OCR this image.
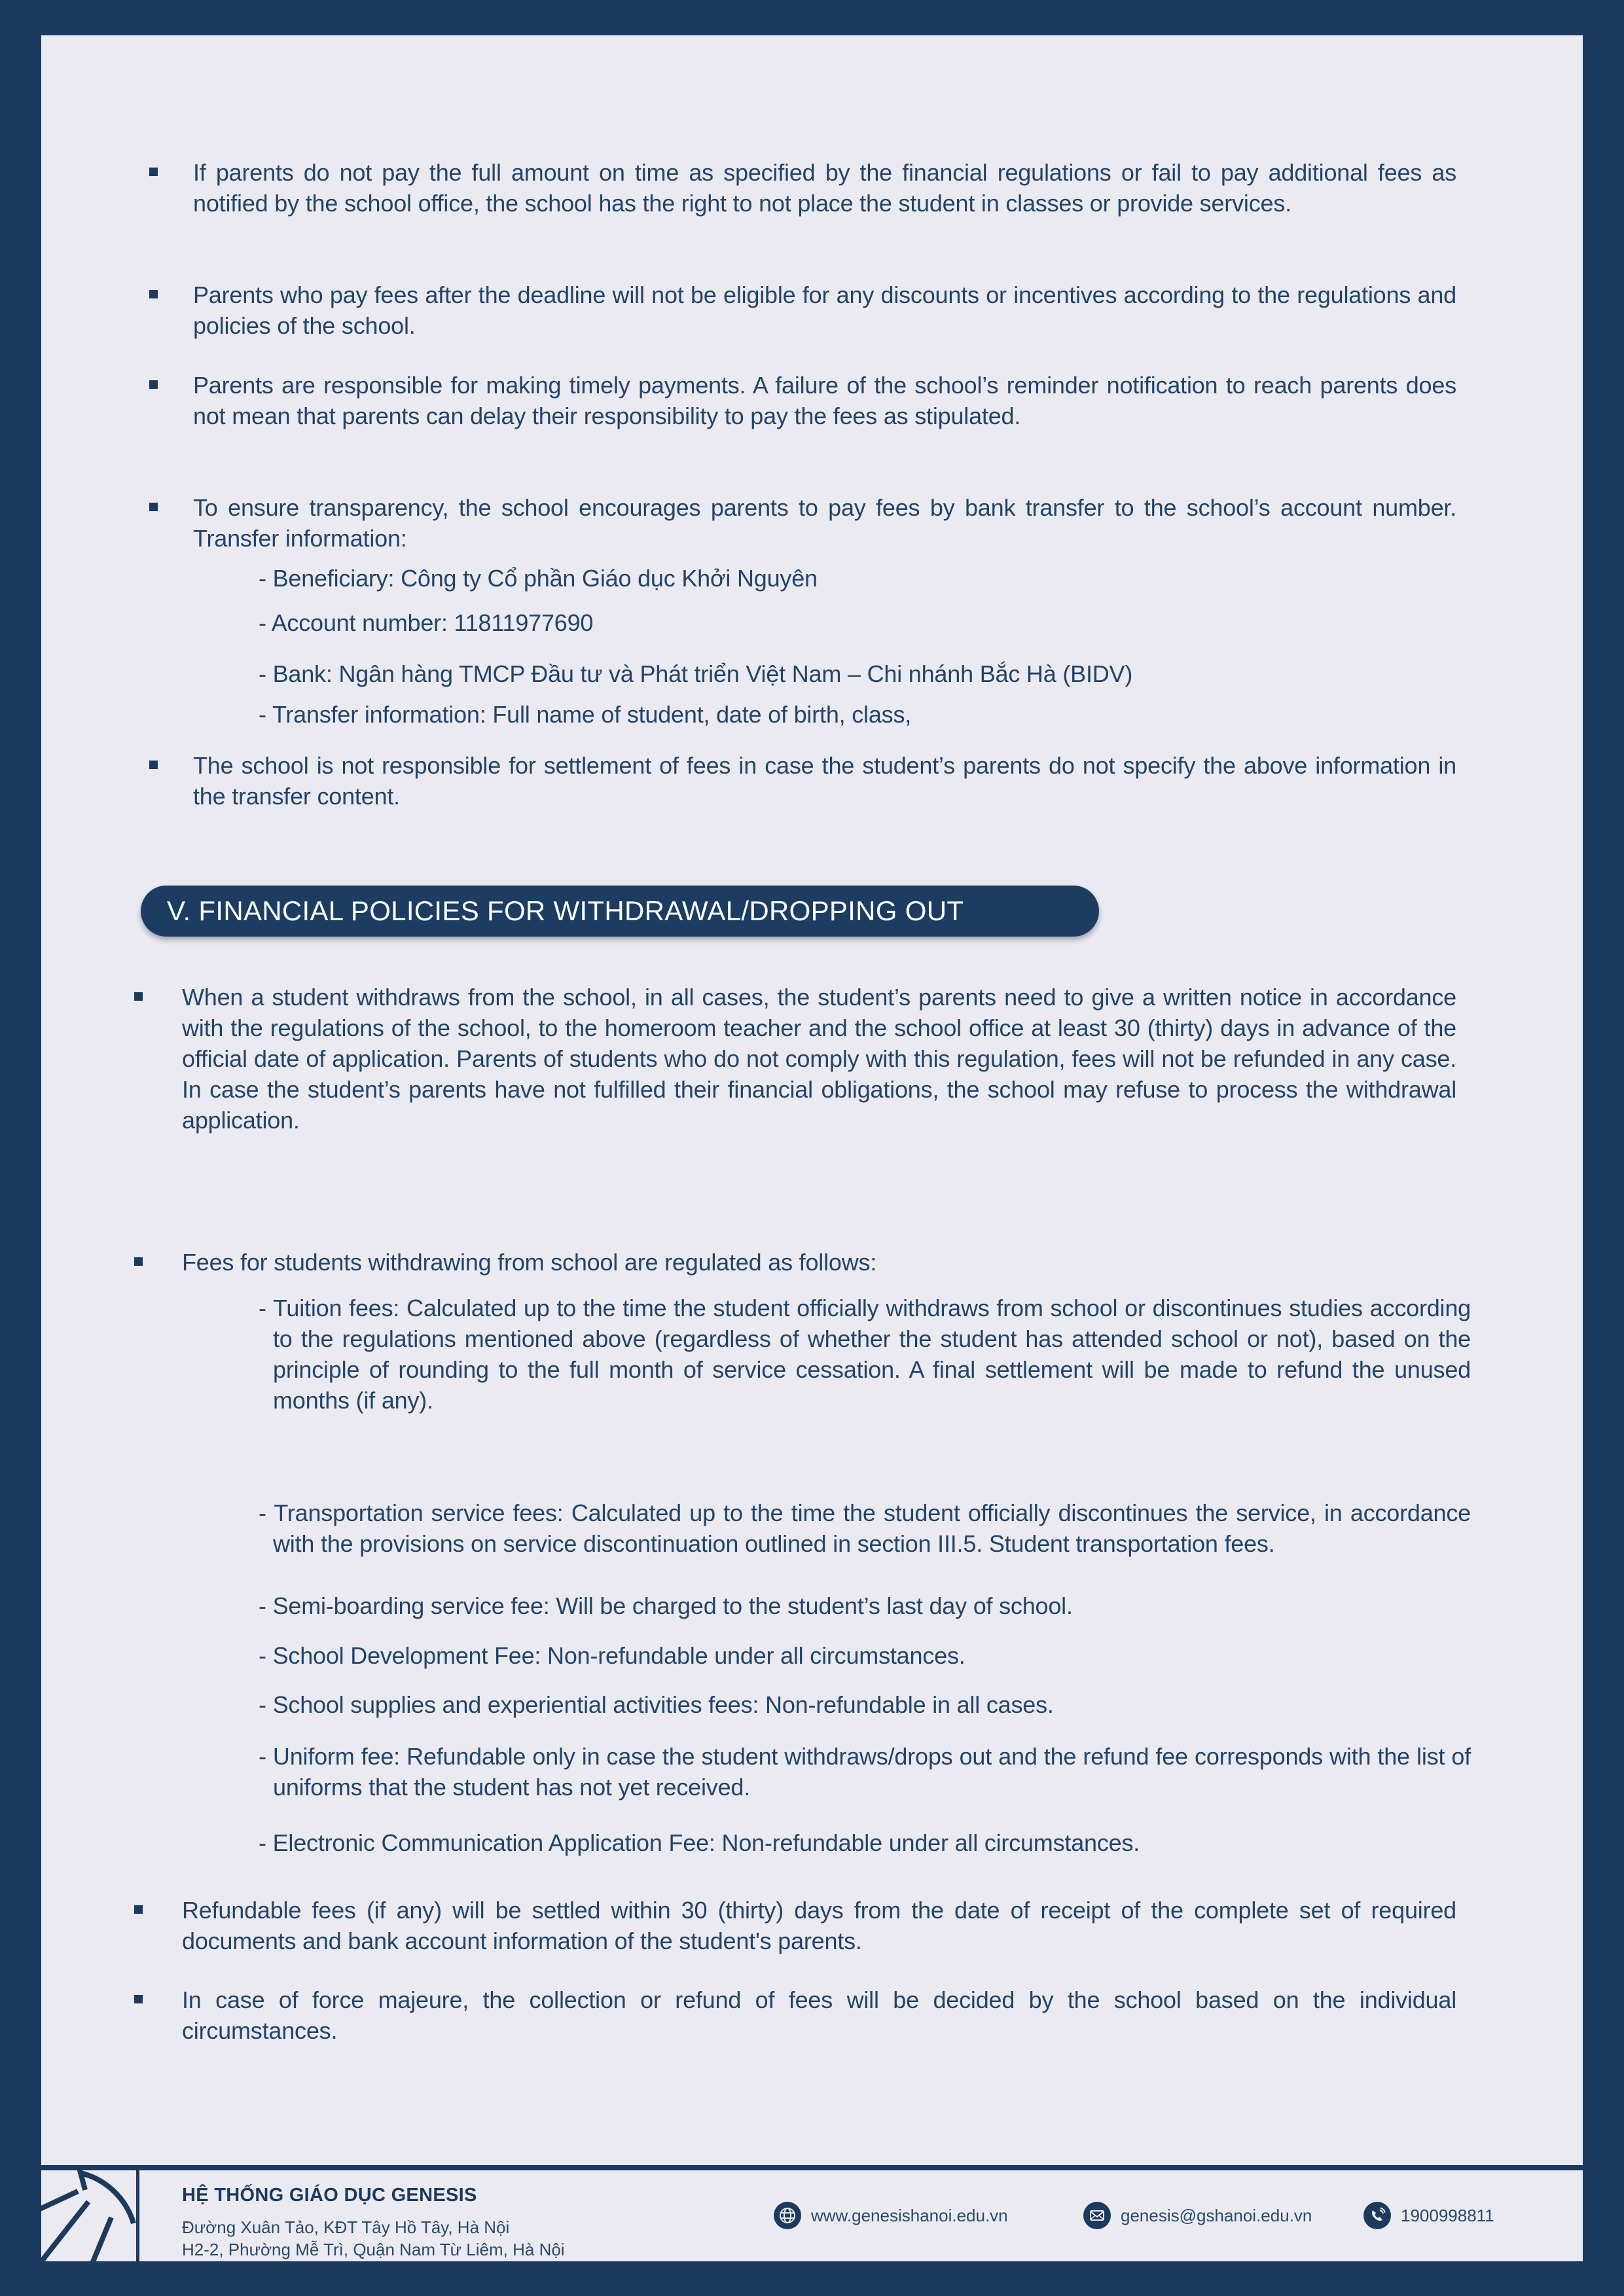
If parents do not pay the full amount on time as specified by the financial regulations or fail to pay additional fees as notified by the school office, the school has the right to not place the student in classes or provide services.
Parents who pay fees after the deadline will not be eligible for any discounts or incentives according to the regulations and policies of the school.
Parents are responsible for making timely payments. A failure of the school’s reminder notification to reach parents does not mean that parents can delay their responsibility to pay the fees as stipulated.
To ensure transparency, the school encourages parents to pay fees by bank transfer to the school’s account number. Transfer information:
- Beneficiary: Công ty Cổ phần Giáo dục Khởi Nguyên
- Account number: 11811977690
- Bank: Ngân hàng TMCP Đầu tư và Phát triển Việt Nam – Chi nhánh Bắc Hà (BIDV)
- Transfer information: Full name of student, date of birth, class,
The school is not responsible for settlement of fees in case the student’s parents do not specify the above information in the transfer content.
V. FINANCIAL POLICIES FOR WITHDRAWAL/DROPPING OUT
When a student withdraws from the school, in all cases, the student’s parents need to give a written notice in accordance with the regulations of the school, to the homeroom teacher and the school office at least 30 (thirty) days in advance of the official date of application. Parents of students who do not comply with this regulation, fees will not be refunded in any case. In case the student’s parents have not fulfilled their financial obligations, the school may refuse to process the withdrawal application.
Fees for students withdrawing from school are regulated as follows:
- Tuition fees: Calculated up to the time the student officially withdraws from school or discontinues studies according to the regulations mentioned above (regardless of whether the student has attended school or not), based on the principle of rounding to the full month of service cessation. A final settlement will be made to refund the unused months (if any).
- Transportation service fees: Calculated up to the time the student officially discontinues the service, in accordance with the provisions on service discontinuation outlined in section III.5. Student transportation fees.
- Semi-boarding service fee: Will be charged to the student’s last day of school.
- School Development Fee: Non-refundable under all circumstances.
- School supplies and experiential activities fees: Non-refundable in all cases.
- Uniform fee: Refundable only in case the student withdraws/drops out and the refund fee corresponds with the list of uniforms that the student has not yet received.
- Electronic Communication Application Fee: Non-refundable under all circumstances.
Refundable fees (if any) will be settled within 30 (thirty) days from the date of receipt of the complete set of required documents and bank account information of the student's parents.
In case of force majeure, the collection or refund of fees will be decided by the school based on the individual circumstances.
HỆ THỐNG GIÁO DỤC GENESIS
Đường Xuân Tảo, KĐT Tây Hồ Tây, Hà Nội
H2-2, Phường Mễ Trì, Quận Nam Từ Liêm, Hà Nội
www.genesishanoi.edu.vn	genesis@gshanoi.edu.vn	1900998811
